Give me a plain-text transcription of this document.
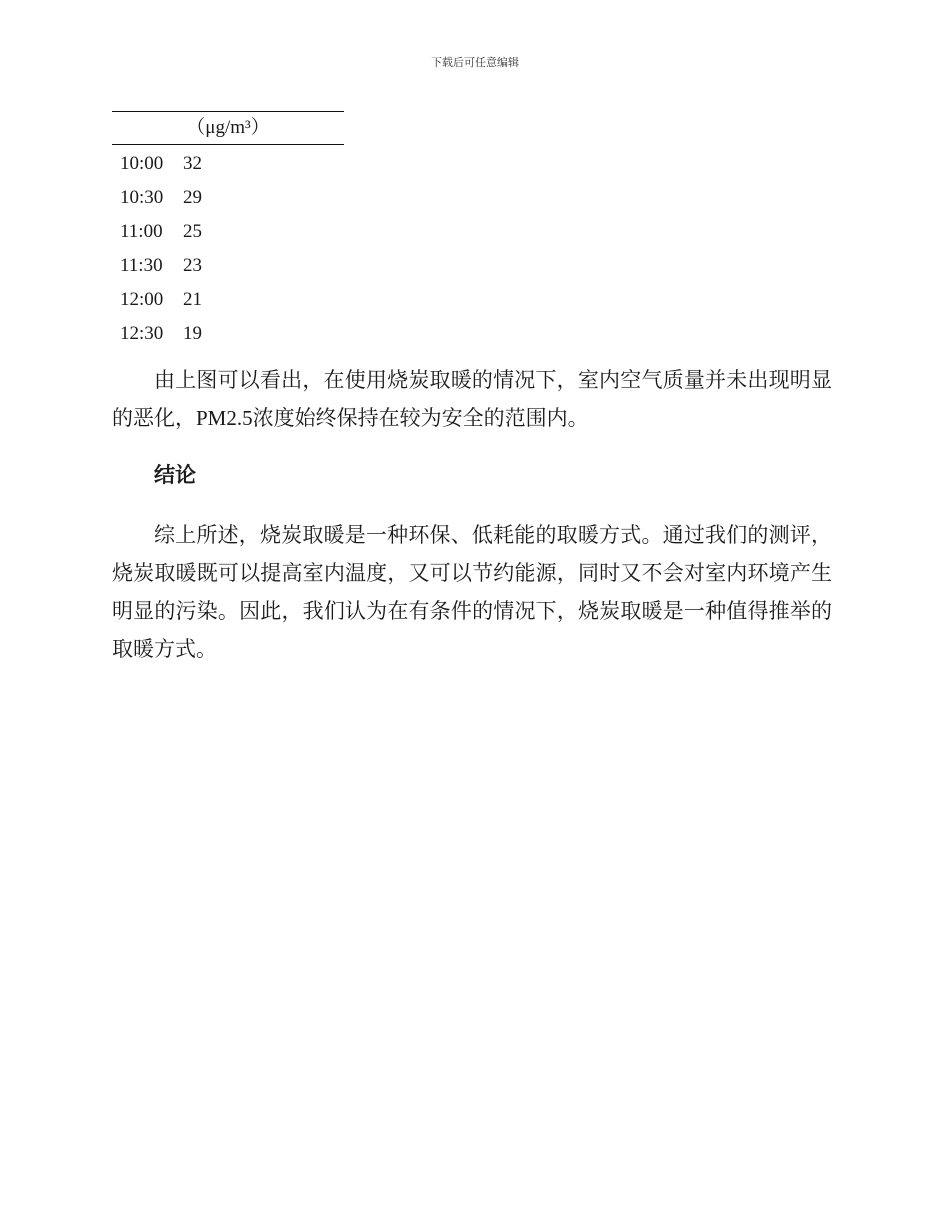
下载后可任意编辑
（μg/m³）
10:00	32
10:30	29
11:00	25
11:30	23
12:00	21
12:30	19

由上图可以看出，在使用烧炭取暖的情况下，室内空气质量并未出现明显的恶化，PM2.5浓度始终保持在较为安全的范围内。

结论

综上所述，烧炭取暖是一种环保、低耗能的取暖方式。通过我们的测评，烧炭取暖既可以提高室内温度，又可以节约能源，同时又不会对室内环境产生明显的污染。因此，我们认为在有条件的情况下，烧炭取暖是一种值得推举的取暖方式。
